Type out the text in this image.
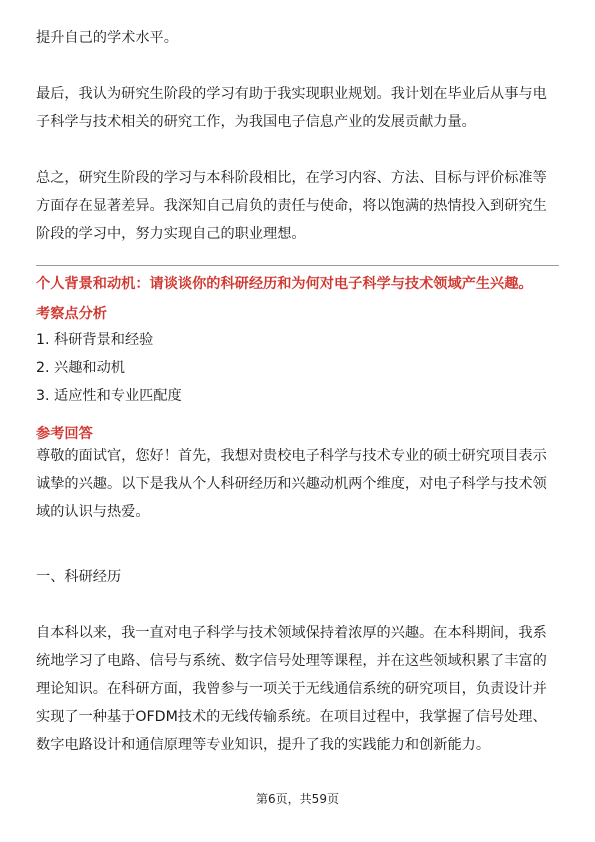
提升自己的学术水平。
最后，我认为研究生阶段的学习有助于我实现职业规划。我计划在毕业后从事与电
子科学与技术相关的研究工作，为我国电子信息产业的发展贡献力量。
总之，研究生阶段的学习与本科阶段相比，在学习内容、方法、目标与评价标准等
方面存在显著差异。我深知自己肩负的责任与使命，将以饱满的热情投入到研究生
阶段的学习中，努力实现自己的职业理想。
个人背景和动机：请谈谈你的科研经历和为何对电子科学与技术领域产生兴趣。
考察点分析
1. 科研背景和经验
2. 兴趣和动机
3. 适应性和专业匹配度
参考回答
尊敬的面试官，您好！首先，我想对贵校电子科学与技术专业的硕士研究项目表示
诚挚的兴趣。以下是我从个人科研经历和兴趣动机两个维度，对电子科学与技术领
域的认识与热爱。
一、科研经历
自本科以来，我一直对电子科学与技术领域保持着浓厚的兴趣。在本科期间，我系
统地学习了电路、信号与系统、数字信号处理等课程，并在这些领域积累了丰富的
理论知识。在科研方面，我曾参与一项关于无线通信系统的研究项目，负责设计并
实现了一种基于OFDM技术的无线传输系统。在项目过程中，我掌握了信号处理、
数字电路设计和通信原理等专业知识，提升了我的实践能力和创新能力。
第6页，共59页
